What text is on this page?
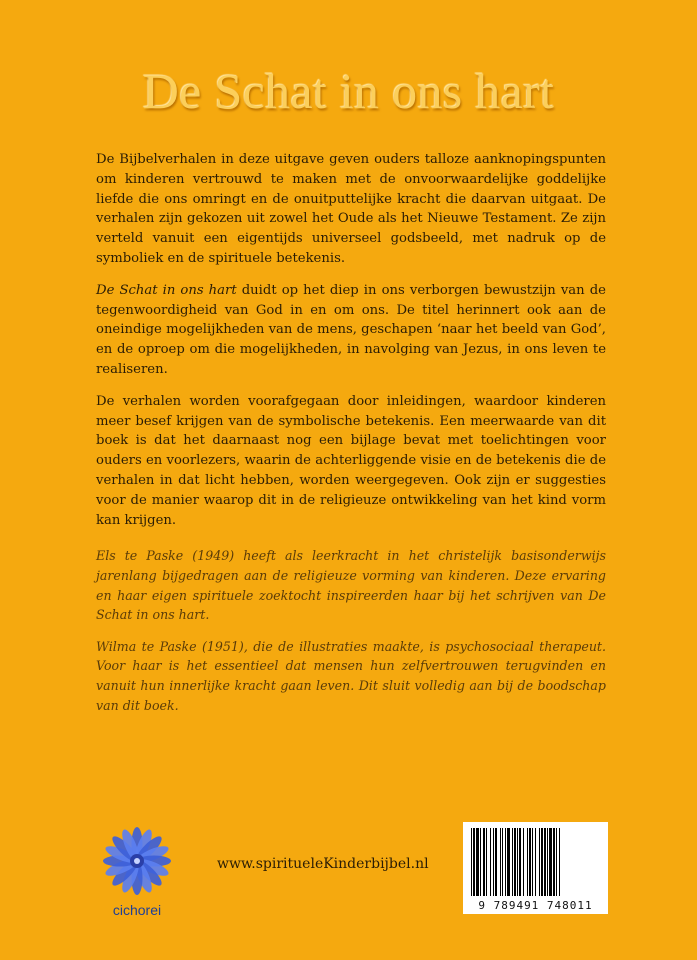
De Schat in ons hart

De Bijbelverhalen in deze uitgave geven ouders talloze aanknopingspunten om kinderen vertrouwd te maken met de onvoorwaardelijke goddelijke liefde die ons omringt en de onuitputtelijke kracht die daarvan uitgaat. De verhalen zijn gekozen uit zowel het Oude als het Nieuwe Testament. Ze zijn verteld vanuit een eigentijds universeel godsbeeld, met nadruk op de symboliek en de spirituele betekenis.

De Schat in ons hart duidt op het diep in ons verborgen bewustzijn van de tegenwoordigheid van God in en om ons. De titel herinnert ook aan de oneindige mogelijkheden van de mens, geschapen ‘naar het beeld van God’, en de oproep om die mogelijkheden, in navolging van Jezus, in ons leven te realiseren.

De verhalen worden voorafgegaan door inleidingen, waardoor kinderen meer besef krijgen van de symbolische betekenis. Een meerwaarde van dit boek is dat het daarnaast nog een bijlage bevat met toelichtingen voor ouders en voorlezers, waarin de achterliggende visie en de betekenis die de verhalen in dat licht hebben, worden weergegeven. Ook zijn er suggesties voor de manier waarop dit in de religieuze ontwikkeling van het kind vorm kan krijgen.

Els te Paske (1949) heeft als leerkracht in het christelijk basisonderwijs jarenlang bijgedragen aan de religieuze vorming van kinderen. Deze ervaring en haar eigen spirituele zoektocht inspireerden haar bij het schrijven van De Schat in ons hart.

Wilma te Paske (1951), die de illustraties maakte, is psychosociaal therapeut. Voor haar is het essentieel dat mensen hun zelfvertrouwen terugvinden en vanuit hun innerlijke kracht gaan leven. Dit sluit volledig aan bij de boodschap van dit boek.

cichorei
www.spiritueleKinderbijbel.nl
9 789491 748011
